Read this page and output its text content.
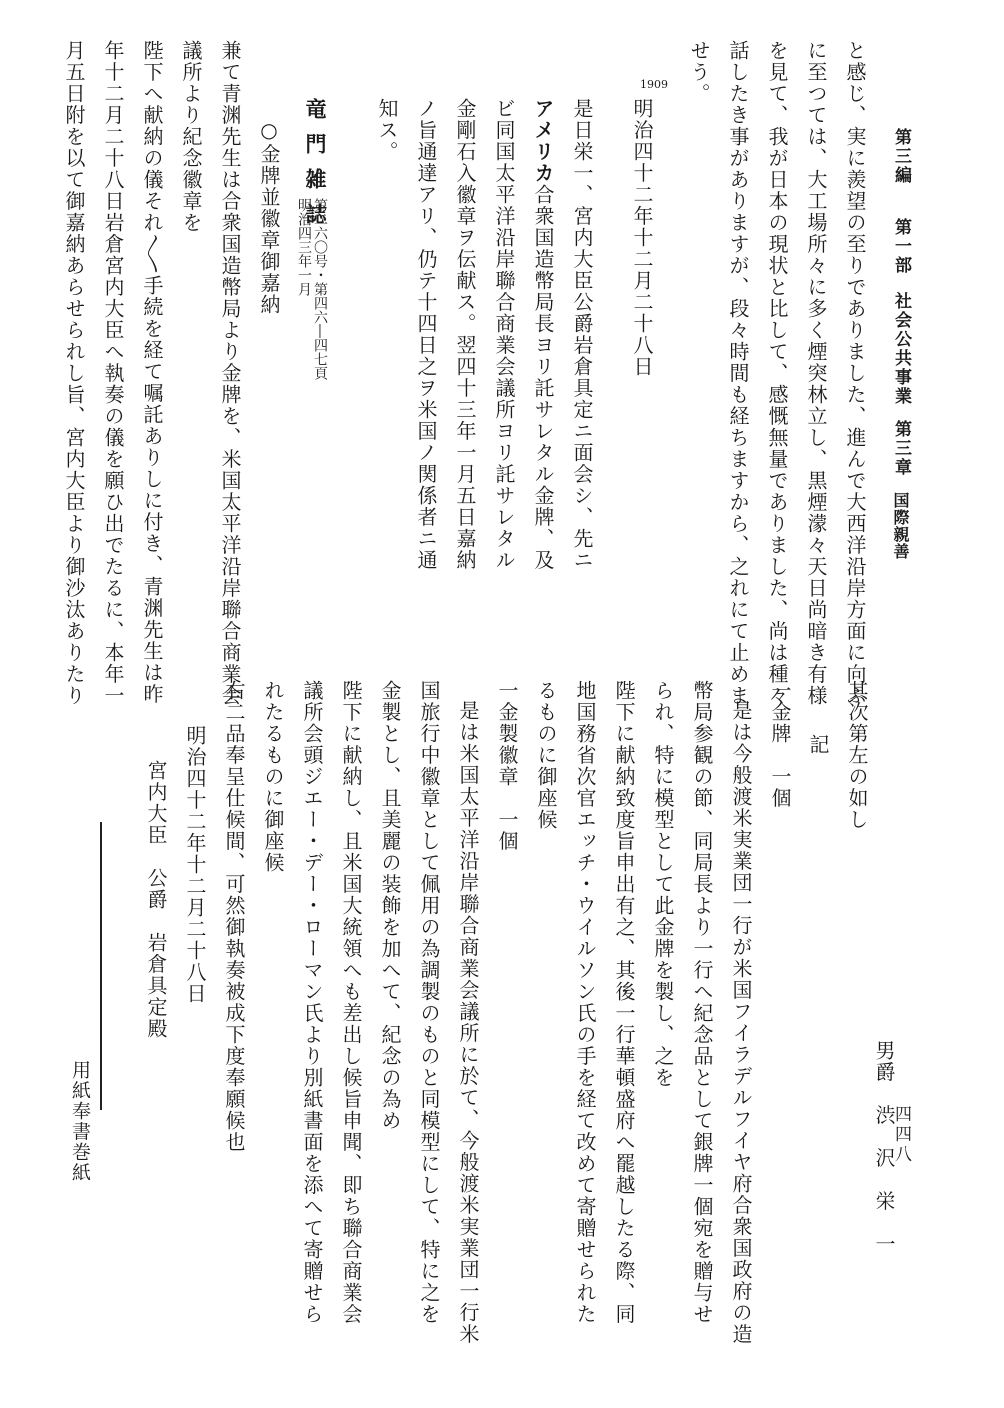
第三編
第一部
社会公共事業
第三章
国際親善
四四八
と感じ、実に羨望の至りでありました、進んで大西洋沿岸方面に向ふ
に至つては、大工場所々に多く煙突林立し、黒煙濛々天日尚暗き有様
を見て、我が日本の現状と比して、感慨無量でありました、尚は種々
話したき事がありますが、段々時間も経ちますから、之れにて止めま
せう。
1909
明治四十二年十二月二十八日
是日栄一、宮内大臣公爵岩倉具定ニ面会シ、先ニ
アメリカ合衆国造幣局長ヨリ託サレタル金牌、及
ビ同国太平洋沿岸聯合商業会議所ヨリ託サレタル
金剛石入徽章ヲ伝献ス。翌四十三年一月五日嘉納
ノ旨通達アリ、仍テ十四日之ヲ米国ノ関係者ニ通
知ス。
竜門雑誌
第二六〇号・第四六―四七頁
明治四三年一月
○金牌並徽章御嘉納
兼て青渊先生は合衆国造幣局より金牌を、米国太平洋沿岸聯合商業会
議所より紀念徽章を
陛下へ献納の儀それ〳〵手続を経て嘱託ありしに付き、青渊先生は昨
年十二月二十八日岩倉宮内大臣へ執奏の儀を願ひ出でたるに、本年一
月五日附を以て御嘉納あらせられし旨、宮内大臣より御沙汰ありたり
其次第左の如し
記
一金牌　一個
是は今般渡米実業団一行が米国フイラデルフイヤ府合衆国政府の造
幣局参観の節、同局長より一行へ紀念品として銀牌一個宛を贈与せ
られ、特に模型として此金牌を製し、之を
陛下に献納致度旨申出有之、其後一行華頓盛府へ罷越したる際、同
地国務省次官エッチ・ウイルソン氏の手を経て改めて寄贈せられた
るものに御座候
一金製徽章　一個
是は米国太平洋沿岸聯合商業会議所に於て、今般渡米実業団一行米
国旅行中徽章として佩用の為調製のものと同模型にして、特に之を
金製とし、且美麗の装飾を加へて、紀念の為め
陛下に献納し、且米国大統領へも差出し候旨申聞、即ち聯合商業会
議所会頭ジエー・デー・ローマン氏より別紙書面を添へて寄贈せら
れたるものに御座候
右二品奉呈仕候間、可然御執奏被成下度奉願候也
明治四十二年十二月二十八日
男爵　渋　沢　栄　一
宮内大臣　公爵　岩倉具定殿
用紙奉書巻紙
